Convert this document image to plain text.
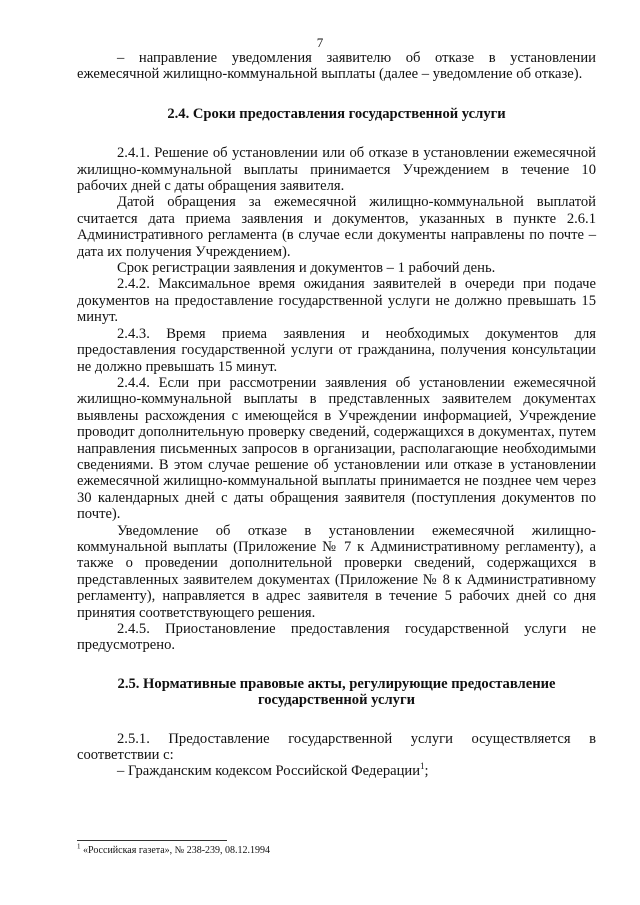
7

– направление уведомления заявителю об отказе в установлении ежемесячной жилищно-коммунальной выплаты (далее – уведомление об отказе).

2.4. Сроки предоставления государственной услуги

2.4.1. Решение об установлении или об отказе в установлении ежемесячной жилищно-коммунальной выплаты принимается Учреждением в течение 10 рабочих дней с даты обращения заявителя.

Датой обращения за ежемесячной жилищно-коммунальной выплатой считается дата приема заявления и документов, указанных в пункте 2.6.1 Административного регламента (в случае если документы направлены по почте – дата их получения Учреждением).

Срок регистрации заявления и документов – 1 рабочий день.

2.4.2. Максимальное время ожидания заявителей в очереди при подаче документов на предоставление государственной услуги не должно превышать 15 минут.

2.4.3. Время приема заявления и необходимых документов для предоставления государственной услуги от гражданина, получения консультации не должно превышать 15 минут.

2.4.4. Если при рассмотрении заявления об установлении ежемесячной жилищно-коммунальной выплаты в представленных заявителем документах выявлены расхождения с имеющейся в Учреждении информацией, Учреждение проводит дополнительную проверку сведений, содержащихся в документах, путем направления письменных запросов в организации, располагающие необходимыми сведениями. В этом случае решение об установлении или отказе в установлении ежемесячной жилищно-коммунальной выплаты принимается не позднее чем через 30 календарных дней с даты обращения заявителя (поступления документов по почте).

Уведомление об отказе в установлении ежемесячной жилищно-коммунальной выплаты (Приложение № 7 к Административному регламенту), а также о проведении дополнительной проверки сведений, содержащихся в представленных заявителем документах (Приложение № 8 к Административному регламенту), направляется в адрес заявителя в течение 5 рабочих дней со дня принятия соответствующего решения.

2.4.5. Приостановление предоставления государственной услуги не предусмотрено.

2.5. Нормативные правовые акты, регулирующие предоставление государственной услуги

2.5.1. Предоставление государственной услуги осуществляется в соответствии с:

– Гражданским кодексом Российской Федерации$^1$;

$^1$ «Российская газета», № 238-239, 08.12.1994
